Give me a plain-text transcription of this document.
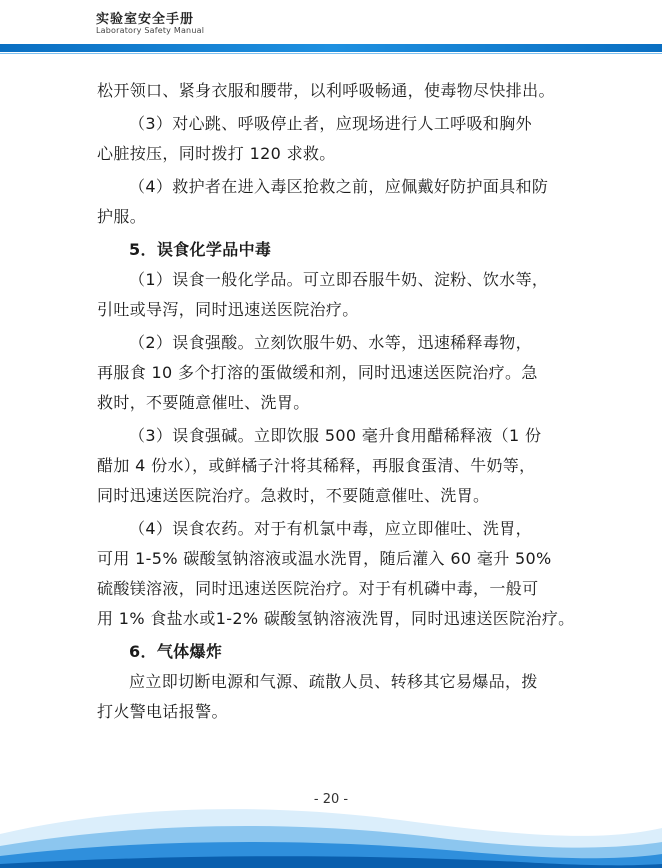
实验室安全手册
Laboratory Safety Manual
松开领口、紧身衣服和腰带，以利呼吸畅通，使毒物尽快排出。
（3）对心跳、呼吸停止者，应现场进行人工呼吸和胸外
心脏按压，同时拨打 120 求救。
（4）救护者在进入毒区抢救之前，应佩戴好防护面具和防
护服。
5．误食化学品中毒
（1）误食一般化学品。可立即吞服牛奶、淀粉、饮水等，
引吐或导泻，同时迅速送医院治疗。
（2）误食强酸。立刻饮服牛奶、水等，迅速稀释毒物，
再服食 10 多个打溶的蛋做缓和剂，同时迅速送医院治疗。急
救时，不要随意催吐、洗胃。
（3）误食强碱。立即饮服 500 毫升食用醋稀释液（1 份
醋加 4 份水），或鲜橘子汁将其稀释，再服食蛋清、牛奶等，
同时迅速送医院治疗。急救时，不要随意催吐、洗胃。
（4）误食农药。对于有机氯中毒，应立即催吐、洗胃，
可用 1-5% 碳酸氢钠溶液或温水洗胃，随后灌入 60 毫升 50%
硫酸镁溶液，同时迅速送医院治疗。对于有机磷中毒，一般可
用 1% 食盐水或1-2% 碳酸氢钠溶液洗胃，同时迅速送医院治疗。
6．气体爆炸
应立即切断电源和气源、疏散人员、转移其它易爆品，拨
打火警电话报警。
- 20 -
